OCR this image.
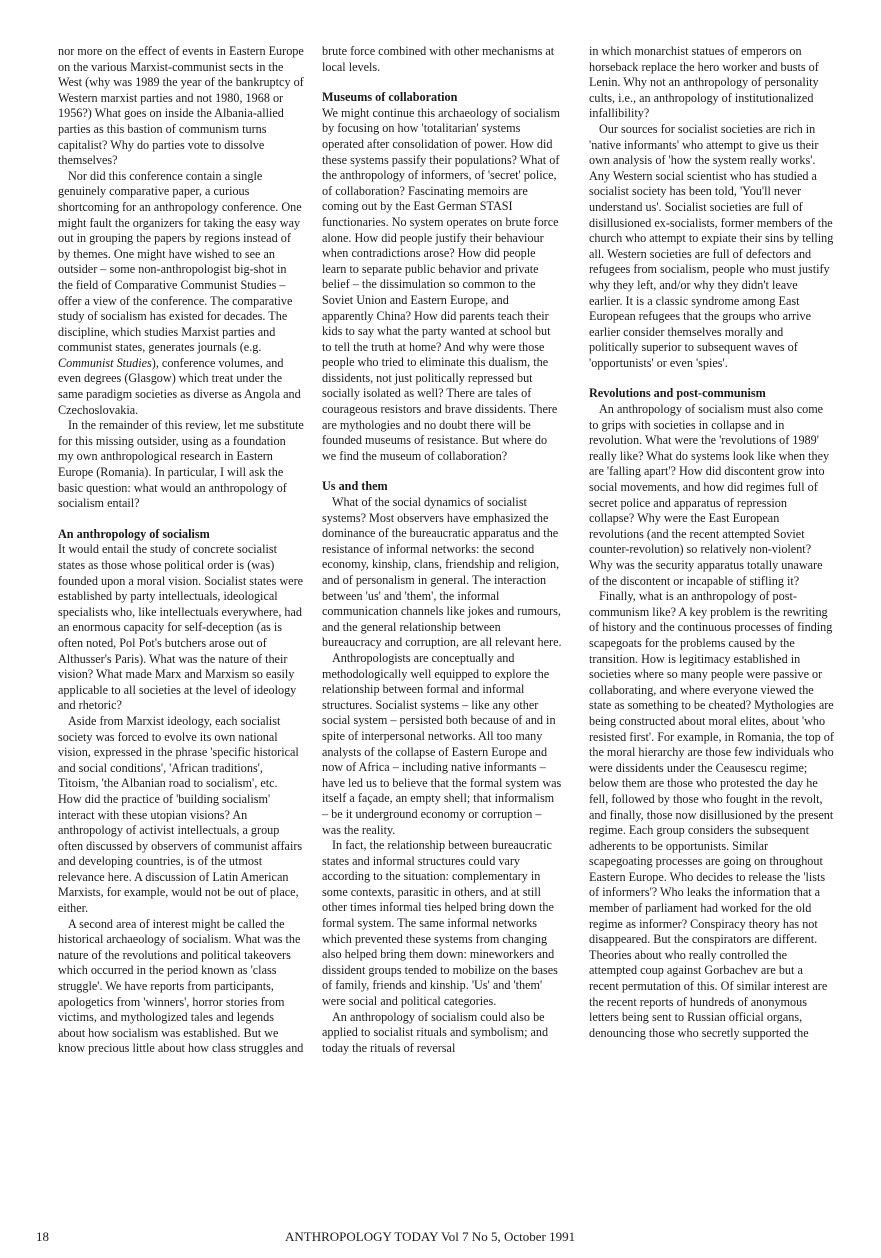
nor more on the effect of events in Eastern Europe on the various Marxist-communist sects in the West (why was 1989 the year of the bankruptcy of Western marxist parties and not 1980, 1968 or 1956?) What goes on inside the Albania-allied parties as this bastion of communism turns capitalist? Why do parties vote to dissolve themselves?

Nor did this conference contain a single genuinely comparative paper, a curious shortcoming for an anthropology conference. One might fault the organizers for taking the easy way out in grouping the papers by regions instead of by themes. One might have wished to see an outsider – some non-anthropologist big-shot in the field of Comparative Communist Studies – offer a view of the conference. The comparative study of socialism has existed for decades. The discipline, which studies Marxist parties and communist states, generates journals (e.g. Communist Studies), conference volumes, and even degrees (Glasgow) which treat under the same paradigm societies as diverse as Angola and Czechoslovakia.

In the remainder of this review, let me substitute for this missing outsider, using as a foundation my own anthropological research in Eastern Europe (Romania). In particular, I will ask the basic question: what would an anthropology of socialism entail?

An anthropology of socialism

It would entail the study of concrete socialist states as those whose political order is (was) founded upon a moral vision. Socialist states were established by party intellectuals, ideological specialists who, like intellectuals everywhere, had an enormous capacity for self-deception (as is often noted, Pol Pot's butchers arose out of Althusser's Paris). What was the nature of their vision? What made Marx and Marxism so easily applicable to all societies at the level of ideology and rhetoric?

Aside from Marxist ideology, each socialist society was forced to evolve its own national vision, expressed in the phrase 'specific historical and social conditions', 'African traditions', Titoism, 'the Albanian road to socialism', etc. How did the practice of 'building socialism' interact with these utopian visions? An anthropology of activist intellectuals, a group often discussed by observers of communist affairs and developing countries, is of the utmost relevance here. A discussion of Latin American Marxists, for example, would not be out of place, either.

A second area of interest might be called the historical archaeology of socialism. What was the nature of the revolutions and political takeovers which occurred in the period known as 'class struggle'. We have reports from participants, apologetics from 'winners', horror stories from victims, and mythologized tales and legends about how socialism was established. But we know precious little about how class struggles and

brute force combined with other mechanisms at local levels.

Museums of collaboration

We might continue this archaeology of socialism by focusing on how 'totalitarian' systems operated after consolidation of power. How did these systems passify their populations? What of the anthropology of informers, of 'secret' police, of collaboration? Fascinating memoirs are coming out by the East German STASI functionaries. No system operates on brute force alone. How did people justify their behaviour when contradictions arose? How did people learn to separate public behavior and private belief – the dissimulation so common to the Soviet Union and Eastern Europe, and apparently China? How did parents teach their kids to say what the party wanted at school but to tell the truth at home? And why were those people who tried to eliminate this dualism, the dissidents, not just politically repressed but socially isolated as well? There are tales of courageous resistors and brave dissidents. There are mythologies and no doubt there will be founded museums of resistance. But where do we find the museum of collaboration?

Us and them

What of the social dynamics of socialist systems? Most observers have emphasized the dominance of the bureaucratic apparatus and the resistance of informal networks: the second economy, kinship, clans, friendship and religion, and of personalism in general. The interaction between 'us' and 'them', the informal communication channels like jokes and rumours, and the general relationship between bureaucracy and corruption, are all relevant here.

Anthropologists are conceptually and methodologically well equipped to explore the relationship between formal and informal structures. Socialist systems – like any other social system – persisted both because of and in spite of interpersonal networks. All too many analysts of the collapse of Eastern Europe and now of Africa – including native informants – have led us to believe that the formal system was itself a façade, an empty shell; that informalism – be it underground economy or corruption – was the reality.

In fact, the relationship between bureaucratic states and informal structures could vary according to the situation: complementary in some contexts, parasitic in others, and at still other times informal ties helped bring down the formal system. The same informal networks which prevented these systems from changing also helped bring them down: mineworkers and dissident groups tended to mobilize on the bases of family, friends and kinship. 'Us' and 'them' were social and political categories.

An anthropology of socialism could also be applied to socialist rituals and symbolism; and today the rituals of reversal

in which monarchist statues of emperors on horseback replace the hero worker and busts of Lenin. Why not an anthropology of personality cults, i.e., an anthropology of institutionalized infallibility?

Our sources for socialist societies are rich in 'native informants' who attempt to give us their own analysis of 'how the system really works'. Any Western social scientist who has studied a socialist society has been told, 'You'll never understand us'. Socialist societies are full of disillusioned ex-socialists, former members of the church who attempt to expiate their sins by telling all. Western societies are full of defectors and refugees from socialism, people who must justify why they left, and/or why they didn't leave earlier. It is a classic syndrome among East European refugees that the groups who arrive earlier consider themselves morally and politically superior to subsequent waves of 'opportunists' or even 'spies'.

Revolutions and post-communism

An anthropology of socialism must also come to grips with societies in collapse and in revolution. What were the 'revolutions of 1989' really like? What do systems look like when they are 'falling apart'? How did discontent grow into social movements, and how did regimes full of secret police and apparatus of repression collapse? Why were the East European revolutions (and the recent attempted Soviet counter-revolution) so relatively non-violent? Why was the security apparatus totally unaware of the discontent or incapable of stifling it?

Finally, what is an anthropology of post-communism like? A key problem is the rewriting of history and the continuous processes of finding scapegoats for the problems caused by the transition. How is legitimacy established in societies where so many people were passive or collaborating, and where everyone viewed the state as something to be cheated? Mythologies are being constructed about moral elites, about 'who resisted first'. For example, in Romania, the top of the moral hierarchy are those few individuals who were dissidents under the Ceausescu regime; below them are those who protested the day he fell, followed by those who fought in the revolt, and finally, those now disillusioned by the present regime. Each group considers the subsequent adherents to be opportunists. Similar scapegoating processes are going on throughout Eastern Europe. Who decides to release the 'lists of informers'? Who leaks the information that a member of parliament had worked for the old regime as informer? Conspiracy theory has not disappeared. But the conspirators are different. Theories about who really controlled the attempted coup against Gorbachev are but a recent permutation of this. Of similar interest are the recent reports of hundreds of anonymous letters being sent to Russian official organs, denouncing those who secretly supported the

18	ANTHROPOLOGY TODAY Vol 7 No 5, October 1991
